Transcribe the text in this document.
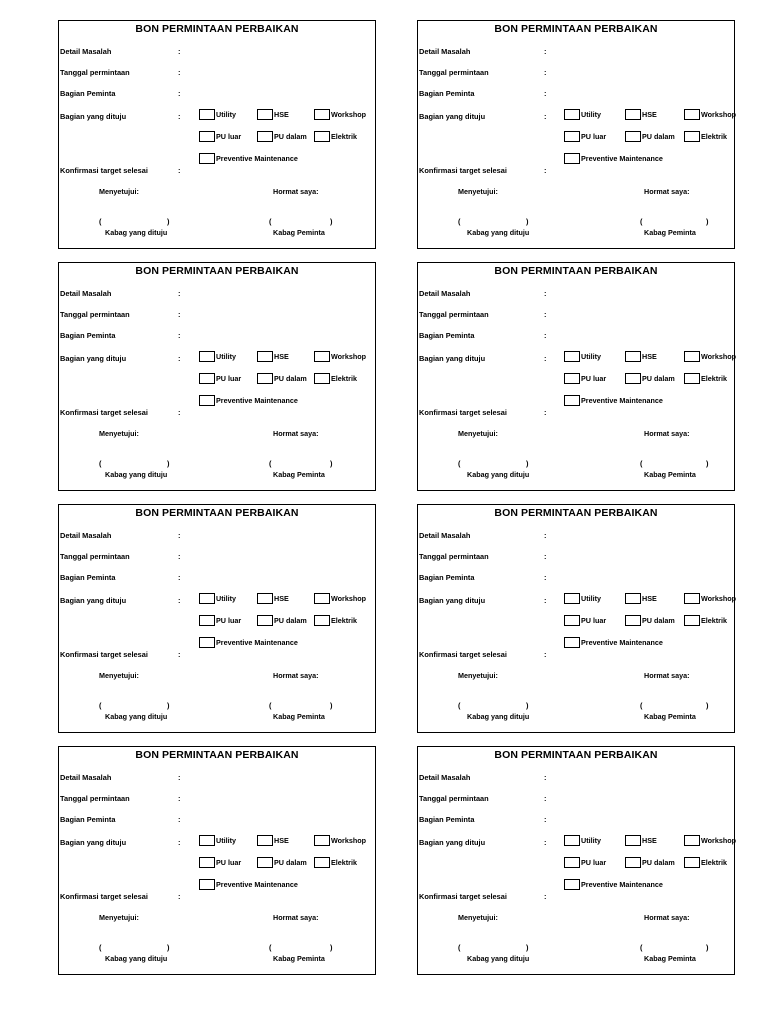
BON PERMINTAAN PERBAIKAN
Detail Masalah	:
Tanggal permintaan	:
Bagian Peminta	:
Bagian yang dituju	:
Konfirmasi target selesai	:
Utility	HSE	Workshop
PU luar	PU dalam	Elektrik
Preventive Maintenance
Menyetujui:	Hormat saya:
(	)	(	)
Kabag yang dituju	Kabag Peminta
BON PERMINTAAN PERBAIKAN
Detail Masalah	:
Tanggal permintaan	:
Bagian Peminta	:
Bagian yang dituju	:
Konfirmasi target selesai	:
Utility	HSE	Workshop
PU luar	PU dalam	Elektrik
Preventive Maintenance
Menyetujui:	Hormat saya:
(	)	(	)
Kabag yang dituju	Kabag Peminta
BON PERMINTAAN PERBAIKAN
Detail Masalah	:
Tanggal permintaan	:
Bagian Peminta	:
Bagian yang dituju	:
Konfirmasi target selesai	:
Utility	HSE	Workshop
PU luar	PU dalam	Elektrik
Preventive Maintenance
Menyetujui:	Hormat saya:
(	)	(	)
Kabag yang dituju	Kabag Peminta
BON PERMINTAAN PERBAIKAN
Detail Masalah	:
Tanggal permintaan	:
Bagian Peminta	:
Bagian yang dituju	:
Konfirmasi target selesai	:
Utility	HSE	Workshop
PU luar	PU dalam	Elektrik
Preventive Maintenance
Menyetujui:	Hormat saya:
(	)	(	)
Kabag yang dituju	Kabag Peminta
BON PERMINTAAN PERBAIKAN
Detail Masalah	:
Tanggal permintaan	:
Bagian Peminta	:
Bagian yang dituju	:
Konfirmasi target selesai	:
Utility	HSE	Workshop
PU luar	PU dalam	Elektrik
Preventive Maintenance
Menyetujui:	Hormat saya:
(	)	(	)
Kabag yang dituju	Kabag Peminta
BON PERMINTAAN PERBAIKAN
Detail Masalah	:
Tanggal permintaan	:
Bagian Peminta	:
Bagian yang dituju	:
Konfirmasi target selesai	:
Utility	HSE	Workshop
PU luar	PU dalam	Elektrik
Preventive Maintenance
Menyetujui:	Hormat saya:
(	)	(	)
Kabag yang dituju	Kabag Peminta
BON PERMINTAAN PERBAIKAN
Detail Masalah	:
Tanggal permintaan	:
Bagian Peminta	:
Bagian yang dituju	:
Konfirmasi target selesai	:
Utility	HSE	Workshop
PU luar	PU dalam	Elektrik
Preventive Maintenance
Menyetujui:	Hormat saya:
(	)	(	)
Kabag yang dituju	Kabag Peminta
BON PERMINTAAN PERBAIKAN
Detail Masalah	:
Tanggal permintaan	:
Bagian Peminta	:
Bagian yang dituju	:
Konfirmasi target selesai	:
Utility	HSE	Workshop
PU luar	PU dalam	Elektrik
Preventive Maintenance
Menyetujui:	Hormat saya:
(	)	(	)
Kabag yang dituju	Kabag Peminta
